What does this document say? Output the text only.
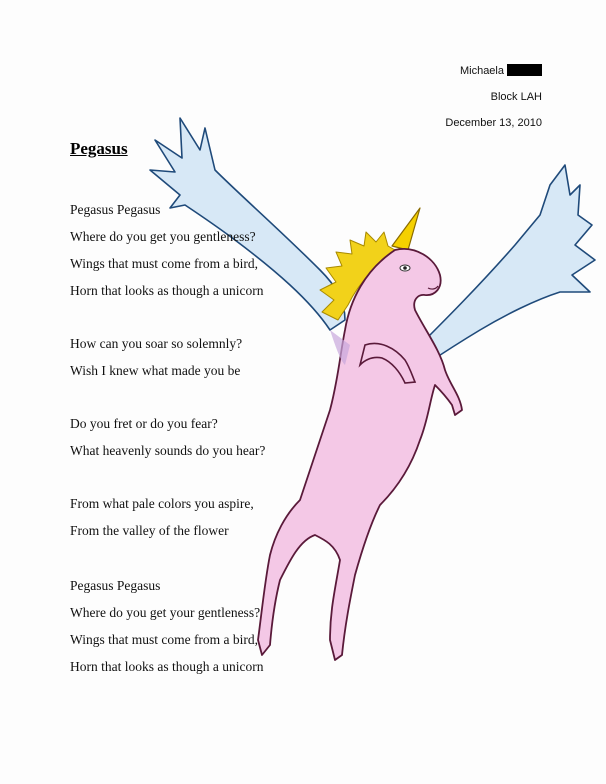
Michaela
Block LAH
December 13, 2010
Pegasus
Pegasus Pegasus
Where do you get you gentleness?
Wings that must come from a bird,
Horn that looks as though a unicorn
How can you soar so solemnly?
Wish I knew what made you be
Do you fret or do you fear?
What heavenly sounds do you hear?
From what pale colors you aspire,
From the valley of the flower
Pegasus Pegasus
Where do you get your gentleness?
Wings that must come from a bird,
Horn that looks as though a unicorn
